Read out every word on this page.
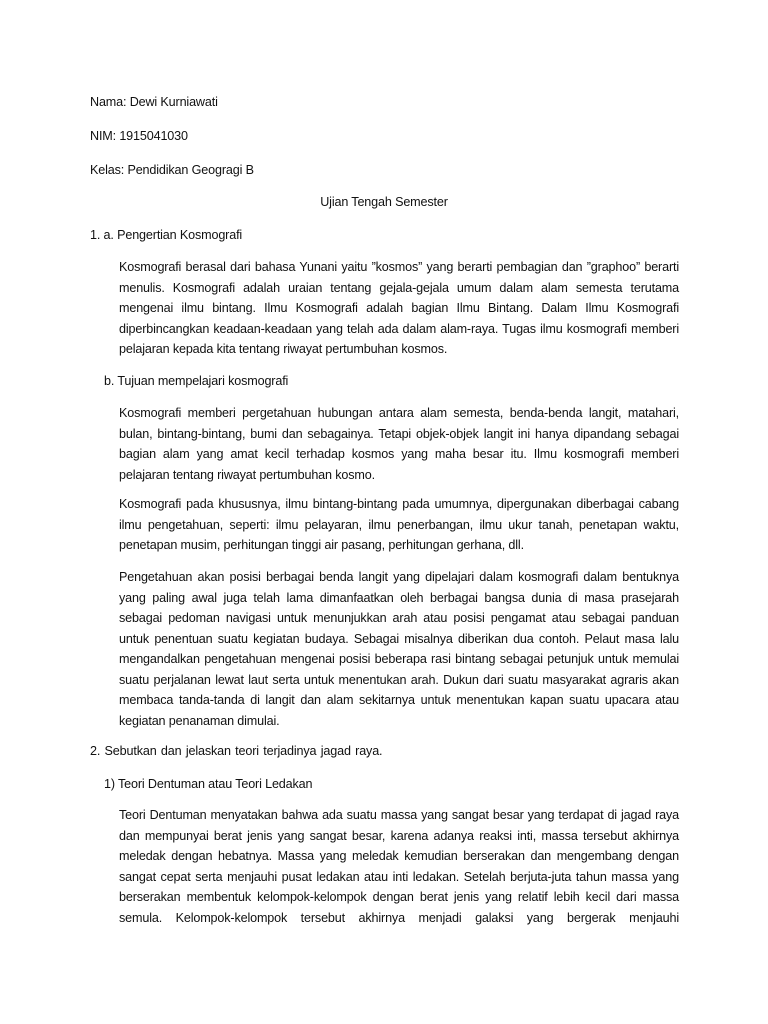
Nama: Dewi Kurniawati
NIM: 1915041030
Kelas: Pendidikan Geogragi B
Ujian Tengah Semester
1. a. Pengertian Kosmografi
Kosmografi berasal dari bahasa Yunani yaitu ”kosmos” yang berarti pembagian dan ”graphoo” berarti menulis. Kosmografi adalah uraian tentang gejala-gejala umum dalam alam semesta terutama mengenai ilmu bintang. Ilmu Kosmografi adalah bagian Ilmu Bintang. Dalam Ilmu Kosmografi diperbincangkan keadaan-keadaan yang telah ada dalam alam-raya. Tugas ilmu kosmografi memberi pelajaran kepada kita tentang riwayat pertumbuhan kosmos.
b. Tujuan mempelajari kosmografi
Kosmografi memberi pergetahuan hubungan antara alam semesta, benda-benda langit, matahari, bulan, bintang-bintang, bumi dan sebagainya. Tetapi objek-objek langit ini hanya dipandang sebagai bagian alam yang amat kecil terhadap kosmos yang maha besar itu. Ilmu kosmografi memberi pelajaran tentang riwayat pertumbuhan kosmo.
Kosmografi pada khususnya, ilmu bintang-bintang pada umumnya, dipergunakan diberbagai cabang ilmu pengetahuan, seperti: ilmu pelayaran, ilmu penerbangan, ilmu ukur tanah, penetapan waktu, penetapan musim, perhitungan tinggi air pasang, perhitungan gerhana, dll.
Pengetahuan akan posisi berbagai benda langit yang dipelajari dalam kosmografi dalam bentuknya yang paling awal juga telah lama dimanfaatkan oleh berbagai bangsa dunia di masa prasejarah sebagai pedoman navigasi untuk menunjukkan arah atau posisi pengamat atau sebagai panduan untuk penentuan suatu kegiatan budaya. Sebagai misalnya diberikan dua contoh. Pelaut masa lalu mengandalkan pengetahuan mengenai posisi beberapa rasi bintang sebagai petunjuk untuk memulai suatu perjalanan lewat laut serta untuk menentukan arah. Dukun dari suatu masyarakat agraris akan membaca tanda-tanda di langit dan alam sekitarnya untuk menentukan kapan suatu upacara atau kegiatan penanaman dimulai.
2. Sebutkan dan jelaskan teori terjadinya jagad raya.
1) Teori Dentuman atau Teori Ledakan
Teori Dentuman menyatakan bahwa ada suatu massa yang sangat besar yang terdapat di jagad raya dan mempunyai berat jenis yang sangat besar, karena adanya reaksi inti, massa tersebut akhirnya meledak dengan hebatnya. Massa yang meledak kemudian berserakan dan mengembang dengan sangat cepat serta menjauhi pusat ledakan atau inti ledakan. Setelah berjuta-juta tahun massa yang berserakan membentuk kelompok-kelompok dengan berat jenis yang relatif lebih kecil dari massa semula. Kelompok-kelompok tersebut akhirnya menjadi galaksi yang bergerak menjauhi
